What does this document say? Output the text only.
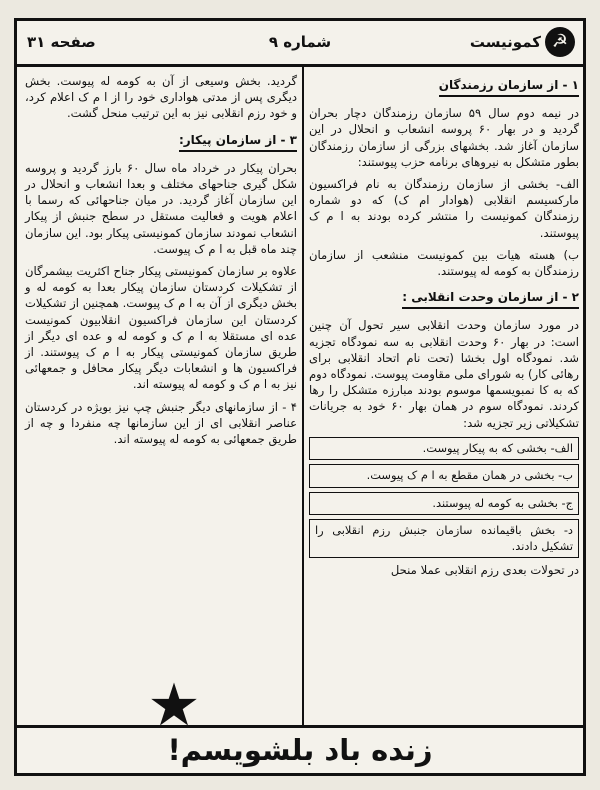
☭
کمونیست
شماره ۹
صفحه ۳۱
۱ - از سازمان رزمندگان

در نیمه دوم سال ۵۹ سازمان رزمندگان دچار بحران گردید و در بهار ۶۰ پروسه انشعاب و انحلال در این سازمان آغاز شد. بخشهای بزرگی از سازمان رزمندگان بطور متشکل به نیروهای برنامه حزب پیوستند:

الف- بخشی از سازمان رزمندگان به نام فراکسیون مارکسیسم انقلابی (هوادار ام ک) که دو شماره رزمندگان کمونیست را منتشر کرده بودند به ا م ک پیوستند.

ب) هسته هیات بین کمونیست منشعب از سازمان رزمندگان به کومه له پیوستند.

۲ - از سازمان وحدت انقلابی :

در مورد سازمان وحدت انقلابی سیر تحول آن چنین است: در بهار ۶۰ وحدت انقلابی به سه نمودگاه تجزیه شد. نمودگاه اول بخشا (تحت نام اتحاد انقلابی برای رهائی کار) به شورای ملی مقاومت پیوست. نمودگاه دوم که به کا نمبویسمها موسوم بودند مبارزه متشکل را رها کردند. نمودگاه سوم در همان بهار ۶۰ خود به جریانات تشکیلاتی زیر تجزیه شد:

الف- بخشی که به پیکار پیوست.
ب- بخشی در همان مقطع به ا م ک پیوست.
ج- بخشی به کومه له پیوستند.
د- بخش باقیمانده سازمان جنبش رزم انقلابی را تشکیل دادند.

در تحولات بعدی رزم انقلابی عملا منحل

گردید. بخش وسیعی از آن به کومه له پیوست. بخش دیگری پس از مدتی هواداری خود را از ا م ک اعلام کرد، و خود رزم انقلابی نیز به این ترتیب منحل گشت.

۳ - از سازمان پیکار:

بحران پیکار در خرداد ماه سال ۶۰ بارز گردید و پروسه شکل گیری جناحهای مختلف و بعدا انشعاب و انحلال در این سازمان آغاز گردید. در میان جناحهائی که رسما با اعلام هویت و فعالیت مستقل در سطح جنبش از پیکار انشعاب نمودند سازمان کمونیستی پیکار بود. این سازمان چند ماه قبل به ا م ک پیوست.

علاوه بر سازمان کمونیستی پیکار جناح اکثریت بیشمرگان از تشکیلات کردستان سازمان پیکار بعدا به کومه له و بخش دیگری از آن به ا م ک پیوست. همچنین از تشکیلات کردستان این سازمان فراکسیون انقلابیون کمونیست عده ای مستقلا به ا م ک و کومه له و عده ای دیگر از طریق سازمان کمونیستی پیکار به ا م ک پیوستند. از فراکسیون ها و انشعابات دیگر پیکار محافل و جمعهائی نیز به ا م ک و کومه له پیوسته اند.

۴ - از سازمانهای دیگر جنبش چپ نیز بویژه در کردستان عناصر انقلابی ای از این سازمانها چه منفردا و چه از طریق جمعهائی به کومه له پیوسته اند.

زنده باد بلشویسم!
